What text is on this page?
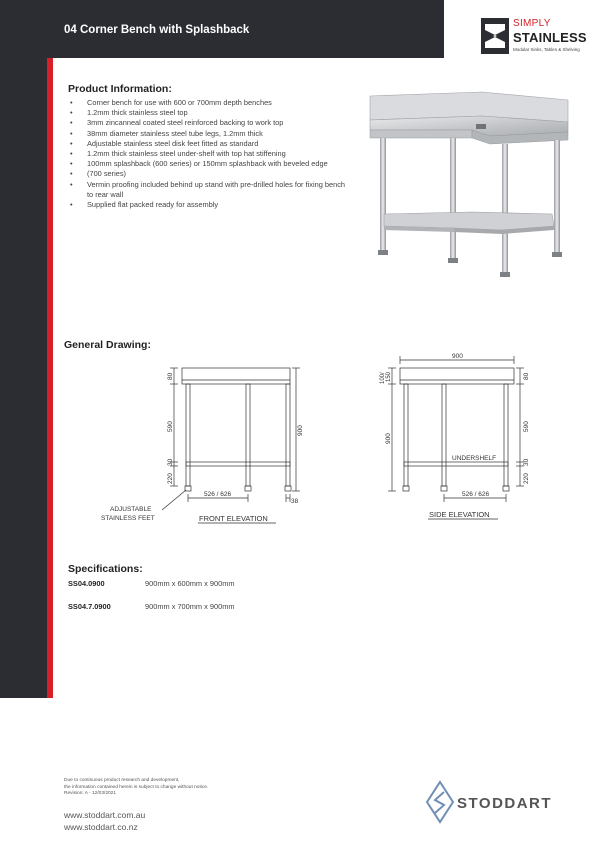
04 Corner Bench with Splashback
SIMPLY
STAINLESS
Modular Sinks, Tables & Shelving
Product Information:
• Corner bench for use with 600 or 700mm depth benches
• 1.2mm thick stainless steel top
• 3mm zincanneal coated steel reinforced backing to work top
• 38mm diameter stainless steel tube legs, 1.2mm thick
• Adjustable stainless steel disk feet fitted as standard
• 1.2mm thick stainless steel under-shelf with top hat stiffening
• 100mm splashback (600 series) or 150mm splashback with beveled edge
• (700 series)
• Vermin proofing included behind up stand with pre-drilled holes for fixing bench to rear wall
• Supplied flat packed ready for assembly
General Drawing:
80
590
30
220
900
526 / 626
38
ADJUSTABLE
STAINLESS FEET	FRONT ELEVATION
900
100/ 150	80
900
590
30
220
526 / 626
UNDERSHELF
SIDE ELEVATION
Specifications:
SS04.0900	900mm x 600mm x 900mm
SS04.7.0900	900mm x 700mm x 900mm
Due to continuous product research and development,
the information contained herein is subject to change without notice.
Revision: A - 12/03/2021
www.stoddart.com.au
www.stoddart.co.nz
STODDART
